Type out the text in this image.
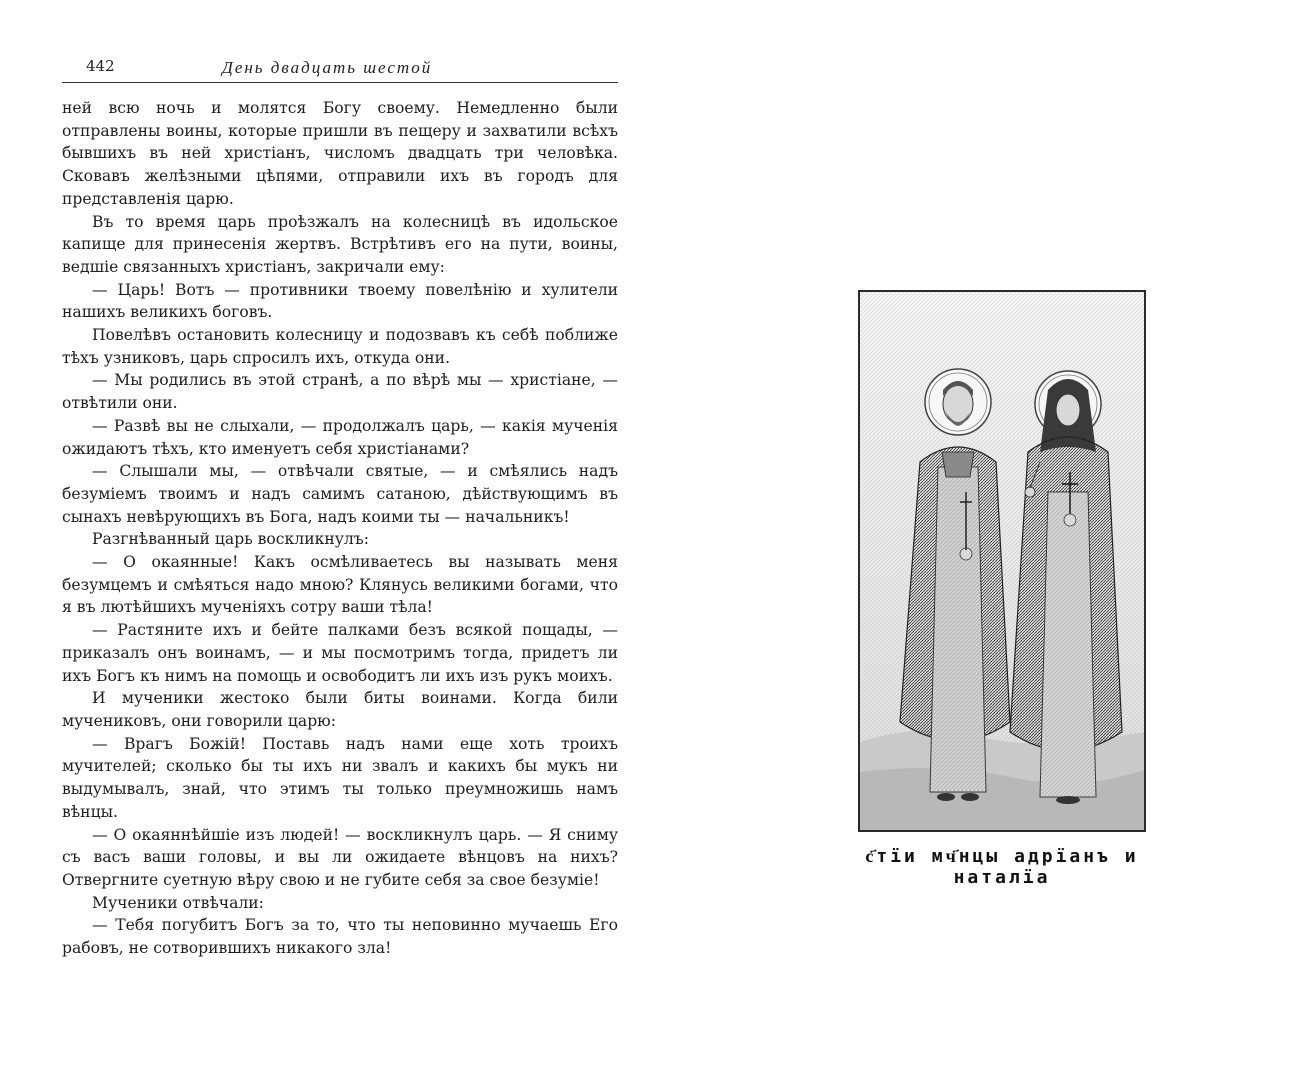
442	День двадцать шестой

ней всю ночь и молятся Богу своему. Немедленно были отправлены воины, которые пришли въ пещеру и захватили всѣхъ бывшихъ въ ней христіанъ, числомъ двадцать три человѣка. Сковавъ желѣзными цѣпями, отправили ихъ въ городъ для представленія царю.

Въ то время царь проѣзжалъ на колесницѣ въ идольское капище для принесенія жертвъ. Встрѣтивъ его на пути, воины, ведшіе связанныхъ христіанъ, закричали ему:

— Царь! Вотъ — противники твоему повелѣнію и хулители нашихъ великихъ боговъ.

Повелѣвъ остановить колесницу и подозвавъ къ себѣ поближе тѣхъ узниковъ, царь спросилъ ихъ, откуда они.

— Мы родились въ этой странѣ, а по вѣрѣ мы — христіане, — отвѣтили они.

— Развѣ вы не слыхали, — продолжалъ царь, — какія мученія ожидаютъ тѣхъ, кто именуетъ себя христіанами?

— Слышали мы, — отвѣчали святые, — и смѣялись надъ безуміемъ твоимъ и надъ самимъ сатаною, дѣйствующимъ въ сынахъ невѣрующихъ въ Бога, надъ коими ты — начальникъ!

Разгнѣванный царь воскликнулъ:

— О окаянные! Какъ осмѣливаетесь вы называть меня безумцемъ и смѣяться надо мною? Клянусь великими богами, что я въ лютѣйшихъ мученіяхъ сотру ваши тѣла!

— Растяните ихъ и бейте палками безъ всякой пощады, — приказалъ онъ воинамъ, — и мы посмотримъ тогда, придетъ ли ихъ Богъ къ нимъ на помощь и освободитъ ли ихъ изъ рукъ моихъ.

И мученики жестоко были биты воинами. Когда били мучениковъ, они говорили царю:

— Врагъ Божій! Поставь надъ нами еще хоть троихъ мучителей; сколько бы ты ихъ ни звалъ и какихъ бы мукъ ни выдумывалъ, знай, что этимъ ты только преумножишь намъ вѣнцы.

— О окаяннѣйшіе изъ людей! — воскликнулъ царь. — Я сниму съ васъ ваши головы, и вы ли ожидаете вѣнцовъ на нихъ? Отвергните суетную вѣру свою и не губите себя за свое безуміе!

Мученики отвѣчали:

— Тебя погубитъ Богъ за то, что ты неповинно мучаешь Его рабовъ, не сотворившихъ никакого зла!

с҃тїи мч҃нцы адрїанъ и наталїа
